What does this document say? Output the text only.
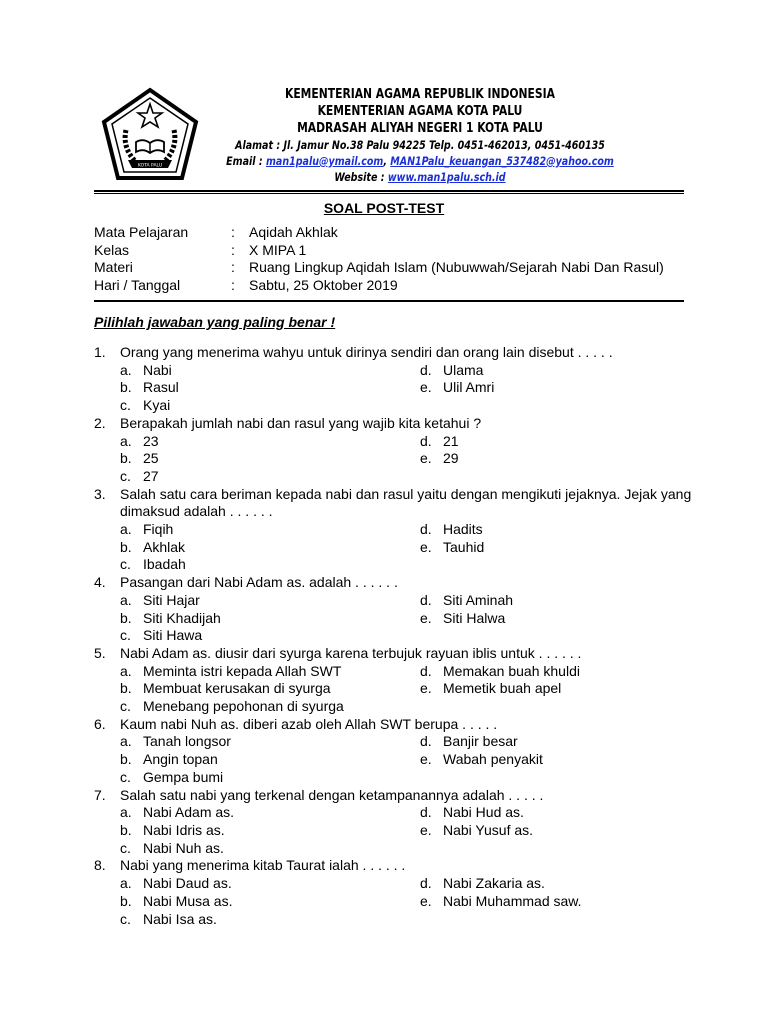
KOTA PALU
KEMENTERIAN AGAMA REPUBLIK INDONESIA
KEMENTERIAN AGAMA KOTA PALU
MADRASAH ALIYAH NEGERI 1 KOTA PALU
Alamat : Jl. Jamur No.38 Palu 94225 Telp. 0451-462013, 0451-460135
Email : man1palu@ymail.com, MAN1Palu_keuangan_537482@yahoo.com
Website : www.man1palu.sch.id
SOAL POST-TEST
Mata Pelajaran	:	Aqidah Akhlak
Kelas	:	X MIPA 1
Materi	:	Ruang Lingkup Aqidah Islam (Nubuwwah/Sejarah Nabi Dan Rasul)
Hari / Tanggal	:	Sabtu, 25 Oktober 2019
Pilihlah jawaban yang paling benar !
1.	Orang yang menerima wahyu untuk dirinya sendiri dan orang lain disebut . . . . .
a. Nabi	d. Ulama
b. Rasul	e. Ulil Amri
c. Kyai
2.	Berapakah jumlah nabi dan rasul yang wajib kita ketahui ?
a. 23	d. 21
b. 25	e. 29
c. 27
3.	Salah satu cara beriman kepada nabi dan rasul yaitu dengan mengikuti jejaknya. Jejak yang dimaksud adalah . . . . . .
a. Fiqih	d. Hadits
b. Akhlak	e. Tauhid
c. Ibadah
4.	Pasangan dari Nabi Adam as. adalah . . . . . .
a. Siti Hajar	d. Siti Aminah
b. Siti Khadijah	e. Siti Halwa
c. Siti Hawa
5.	Nabi Adam as. diusir dari syurga karena terbujuk rayuan iblis untuk . . . . . .
a. Meminta istri kepada Allah SWT	d. Memakan buah khuldi
b. Membuat kerusakan di syurga	e. Memetik buah apel
c. Menebang pepohonan di syurga
6.	Kaum nabi Nuh as. diberi azab oleh Allah SWT berupa . . . . .
a. Tanah longsor	d. Banjir besar
b. Angin topan	e. Wabah penyakit
c. Gempa bumi
7.	Salah satu nabi yang terkenal dengan ketampanannya adalah . . . . .
a. Nabi Adam as.	d. Nabi Hud as.
b. Nabi Idris as.	e. Nabi Yusuf as.
c. Nabi Nuh as.
8.	Nabi yang menerima kitab Taurat ialah . . . . . .
a. Nabi Daud as.	d. Nabi Zakaria as.
b. Nabi Musa as.	e. Nabi Muhammad saw.
c. Nabi Isa as.
